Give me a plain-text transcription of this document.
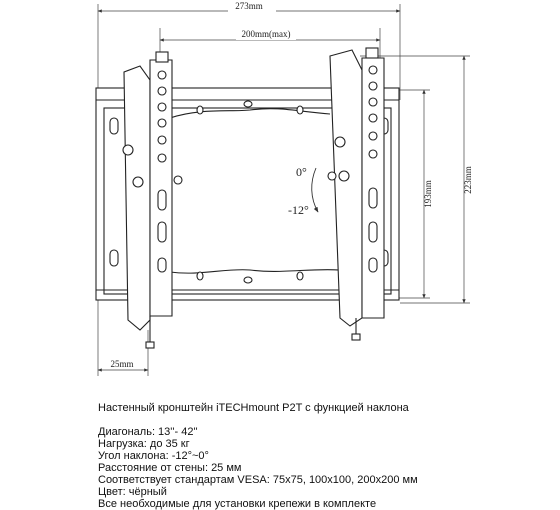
273mm
200mm(max)
193mm
223mm
25mm
0°
-12°
Настенный кронштейн iTECHmount P2T с функцией наклона
Диагональ: 13''- 42''
Нагрузка: до 35 кг
Угол наклона: -12°~0°
Расстояние от стены: 25 мм
Соответствует стандартам VESA: 75x75, 100x100, 200x200 мм
Цвет: чёрный
Все необходимые для установки крепежи в комплекте
